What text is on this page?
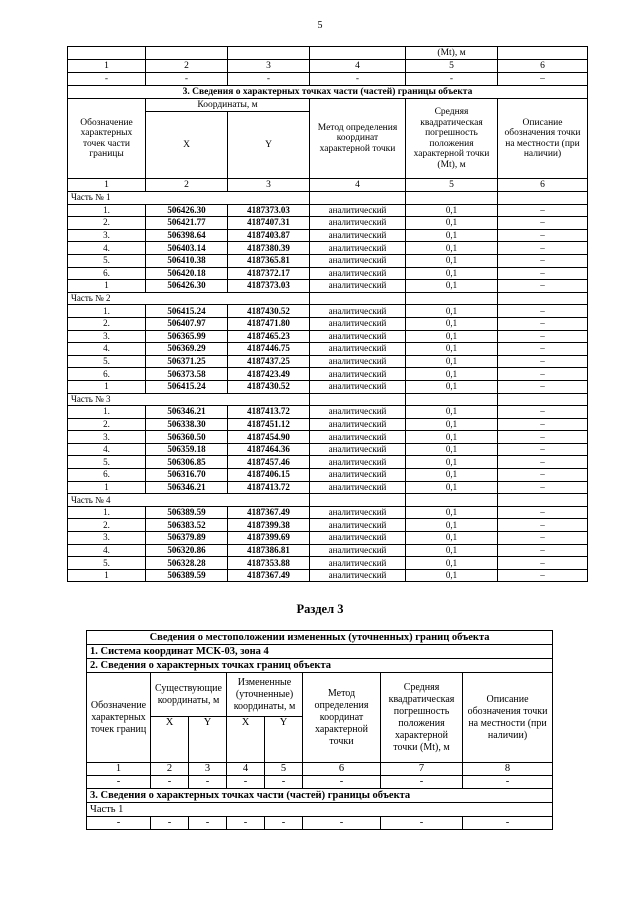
5
				(Mt), м	
1	2	3	4	5	6
-	-	-	-	-	–
3. Сведения о характерных точках части (частей) границы объекта					
Обозначение характерных точек части границы	Координаты, м		Метод определения координат характерной точки	Средняя квадратическая погрешность положения характерной точки (Mt), м	Описание обозначения точки на местности (при наличии)
	X	Y			
1	2	3	4	5	6
Часть № 1					
1.	506426.30	4187373.03	аналитический	0,1	–
2.	506421.77	4187407.31	аналитический	0,1	–
3.	506398.64	4187403.87	аналитический	0,1	–
4.	506403.14	4187380.39	аналитический	0,1	–
5.	506410.38	4187365.81	аналитический	0,1	–
6.	506420.18	4187372.17	аналитический	0,1	–
1	506426.30	4187373.03	аналитический	0,1	–
Часть № 2					
1.	506415.24	4187430.52	аналитический	0,1	–
2.	506407.97	4187471.80	аналитический	0,1	–
3.	506365.99	4187465.23	аналитический	0,1	–
4.	506369.29	4187446.75	аналитический	0,1	–
5.	506371.25	4187437.25	аналитический	0,1	–
6.	506373.58	4187423.49	аналитический	0,1	–
1	506415.24	4187430.52	аналитический	0,1	–
Часть № 3					
1.	506346.21	4187413.72	аналитический	0,1	–
2.	506338.30	4187451.12	аналитический	0,1	–
3.	506360.50	4187454.90	аналитический	0,1	–
4.	506359.18	4187464.36	аналитический	0,1	–
5.	506306.85	4187457.46	аналитический	0,1	–
6.	506316.70	4187406.15	аналитический	0,1	–
1	506346.21	4187413.72	аналитический	0,1	–
Часть № 4					
1.	506389.59	4187367.49	аналитический	0,1	–
2.	506383.52	4187399.38	аналитический	0,1	–
3.	506379.89	4187399.69	аналитический	0,1	–
4.	506320.86	4187386.81	аналитический	0,1	–
5.	506328.28	4187353.88	аналитический	0,1	–
1	506389.59	4187367.49	аналитический	0,1	–
Раздел 3
Сведения о местоположении измененных (уточненных) границ объекта							
1. Система координат МСК-03, зона 4							
2. Сведения о характерных точках границ объекта							
Обозначение характерных точек границ	Существующие координаты, м		Измененные (уточненные) координаты, м		Метод определения координат характерной точки	Средняя квадратическая погрешность положения характерной точки (Mt), м	Описание обозначения точки на местности (при наличии)
	X	Y	X	Y			
1	2	3	4	5	6	7	8
-	-	-	-	-	-	-	-
3. Сведения о характерных точках части (частей) границы объекта							
Часть 1							
-	-	-	-	-	-	-	-
